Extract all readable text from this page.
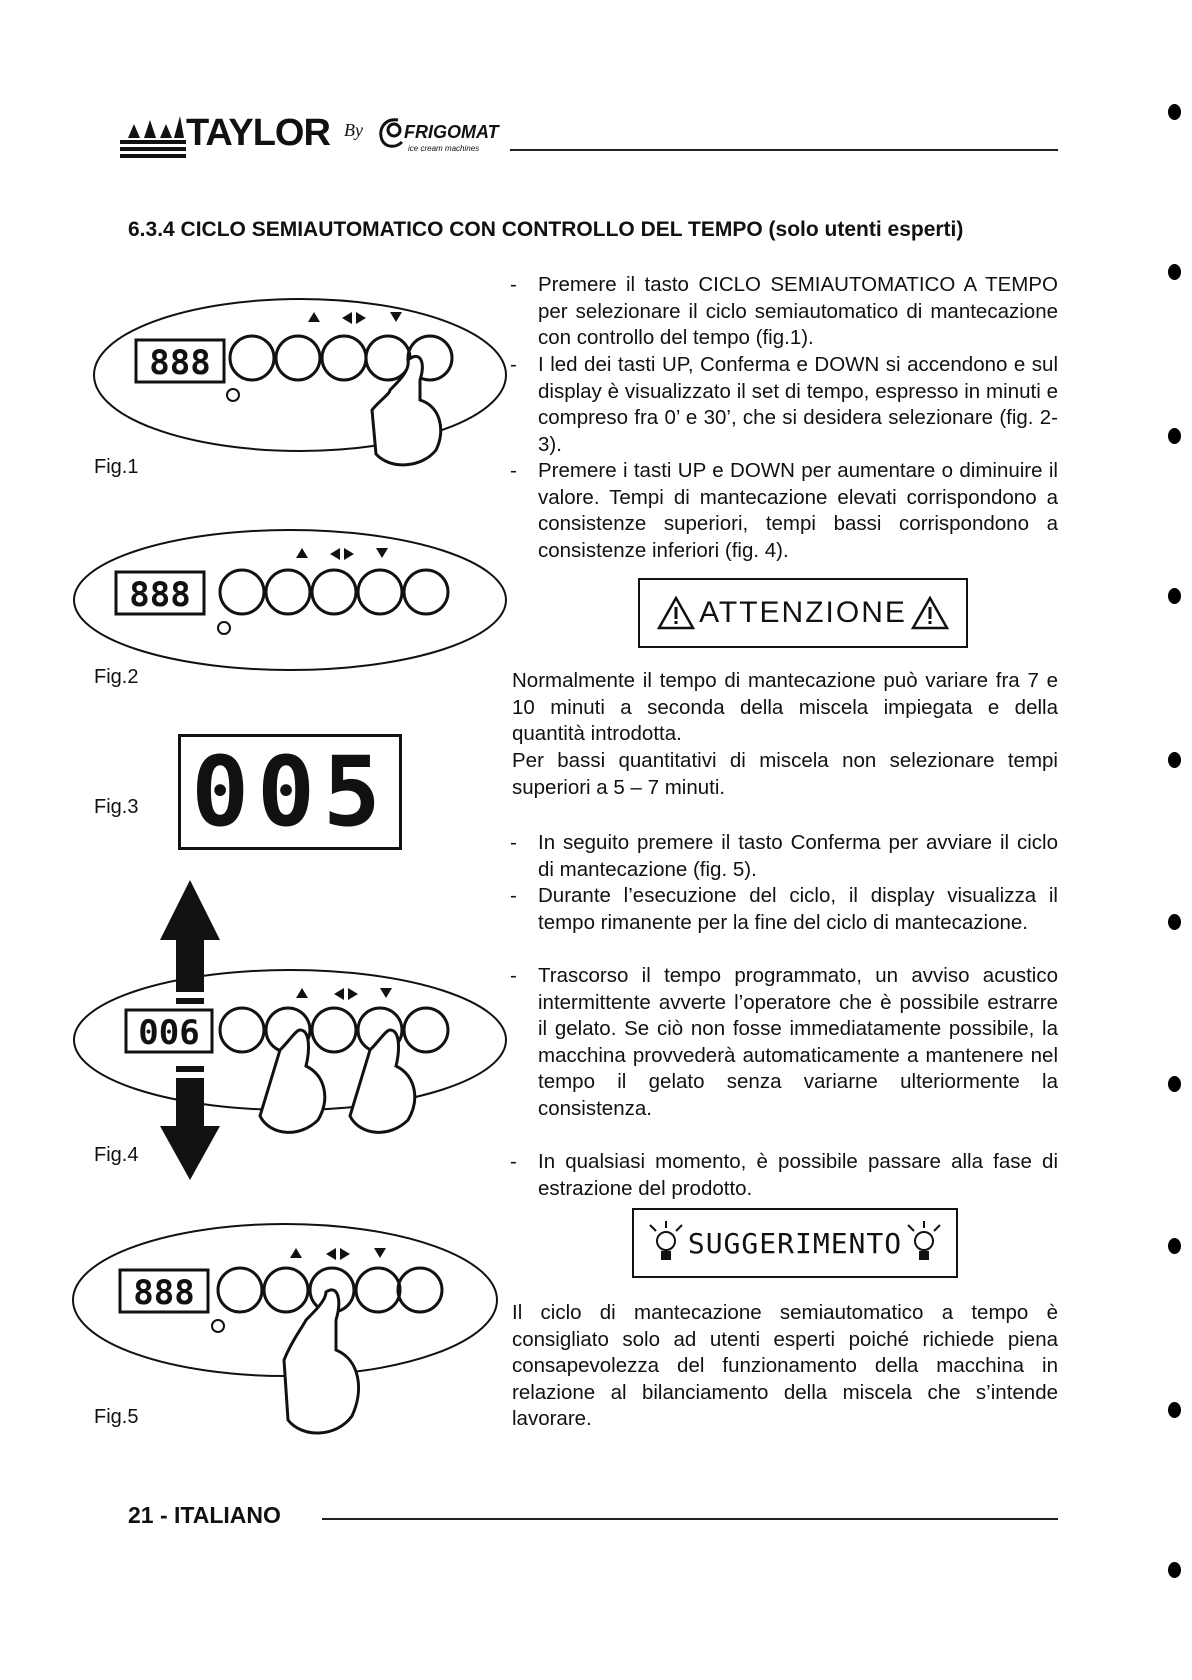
TAYLOR By FRIGOMAT
ice cream machines
6.3.4 CICLO SEMIAUTOMATICO CON CONTROLLO DEL TEMPO (solo utenti esperti)
888
Fig.1
888
Fig.2
005
Fig.3
006
Fig.4
888
Fig.5
- Premere il tasto CICLO SEMIAUTOMATICO A TEMPO per selezionare il ciclo semiautomatico di mantecazione con controllo del tempo (fig.1).
- I led dei tasti UP, Conferma e DOWN si accendono e sul display è visualizzato il set di tempo, espresso in minuti e compreso fra 0’ e 30’, che si desidera selezionare (fig. 2-3).
- Premere i tasti UP e DOWN per aumentare o diminuire il valore. Tempi di mantecazione elevati corrispondono a consistenze superiori, tempi bassi corrispondono a consistenze inferiori (fig. 4).
ATTENZIONE
Normalmente il tempo di mantecazione può variare fra 7 e 10 minuti a seconda della miscela impiegata e della quantità introdotta.
Per bassi quantitativi di miscela non selezionare tempi superiori a 5 – 7 minuti.
- In seguito premere il tasto Conferma per avviare il ciclo di mantecazione (fig. 5).
- Durante l’esecuzione del ciclo, il display visualizza il tempo rimanente per la fine del ciclo di mantecazione.
- Trascorso il tempo programmato, un avviso acustico intermittente avverte l’operatore che è possibile estrarre il gelato. Se ciò non fosse immediatamente possibile, la macchina provvederà automaticamente a mantenere nel tempo il gelato senza variarne ulteriormente la consistenza.
- In qualsiasi momento, è possibile passare alla fase di estrazione del prodotto.
SUGGERIMENTO
Il ciclo di mantecazione semiautomatico a tempo è consigliato solo ad utenti esperti poiché richiede piena consapevolezza del funzionamento della macchina in relazione al bilanciamento della miscela che s’intende lavorare.
21 - ITALIANO
